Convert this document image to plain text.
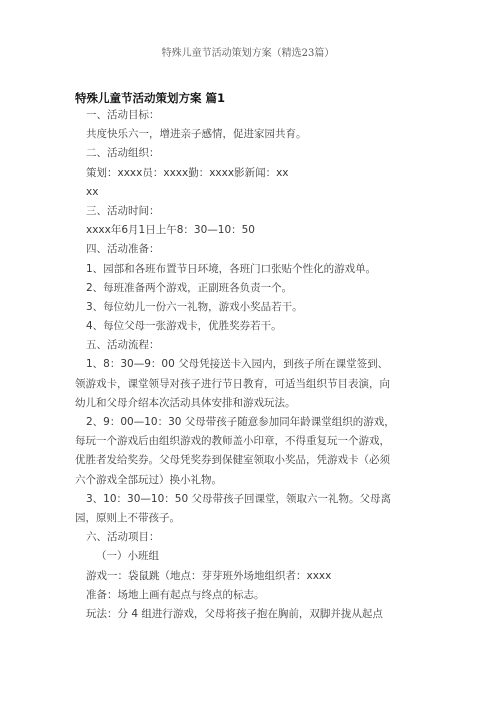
特殊儿童节活动策划方案（精选23篇）
特殊儿童节活动策划方案 篇1
一、活动目标：
共度快乐六一，增进亲子感情，促进家园共育。
二、活动组织：
策划：xxxx员：xxxx勤：xxxx影新闻：xx
xx
三、活动时间：
xxxx年6月1日上午8：30—10：50
四、活动准备：
1、园部和各班布置节日环境，各班门口张贴个性化的游戏单。
2、每班准备两个游戏，正副班各负责一个。
3、每位幼儿一份六一礼物，游戏小奖品若干。
4、每位父母一张游戏卡，优胜奖券若干。
五、活动流程：
1、8：30—9：00 父母凭接送卡入园内，到孩子所在课堂签到、
领游戏卡，课堂领导对孩子进行节日教育，可适当组织节目表演，向
幼儿和父母介绍本次活动具体安排和游戏玩法。
2、9：00—10：30 父母带孩子随意参加同年龄课堂组织的游戏，
每玩一个游戏后由组织游戏的教师盖小印章，不得重复玩一个游戏，
优胜者发给奖券。父母凭奖券到保健室领取小奖品，凭游戏卡（必须
六个游戏全部玩过）换小礼物。
3、10：30—10：50 父母带孩子回课堂，领取六一礼物。父母离
园，原则上不带孩子。
六、活动项目：
（一）小班组
游戏一：袋鼠跳（地点：芽芽班外场地组织者：xxxx
准备：场地上画有起点与终点的标志。
玩法：分 4 组进行游戏，父母将孩子抱在胸前，双脚并拢从起点
